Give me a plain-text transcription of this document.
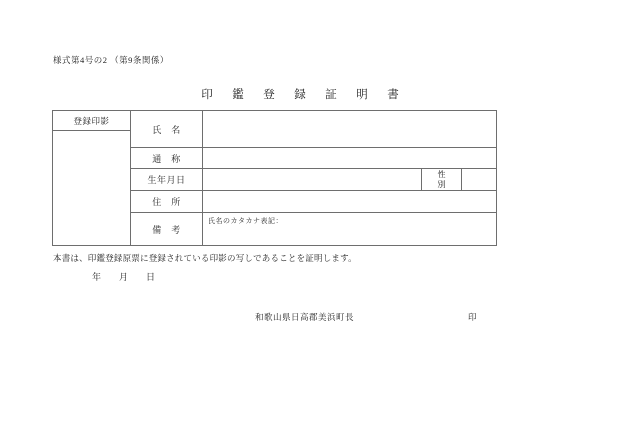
様式第4号の2 （第9条関係）
印　鑑　登　録　証　明　書
登録印影
氏　名
通　称
生年月日
性別
住　所
備　考
氏名のカタカナ表記：
本書は、印鑑登録原票に登録されている印影の写しであることを証明します。
年　　月　　日
和歌山県日高郡美浜町長	印
